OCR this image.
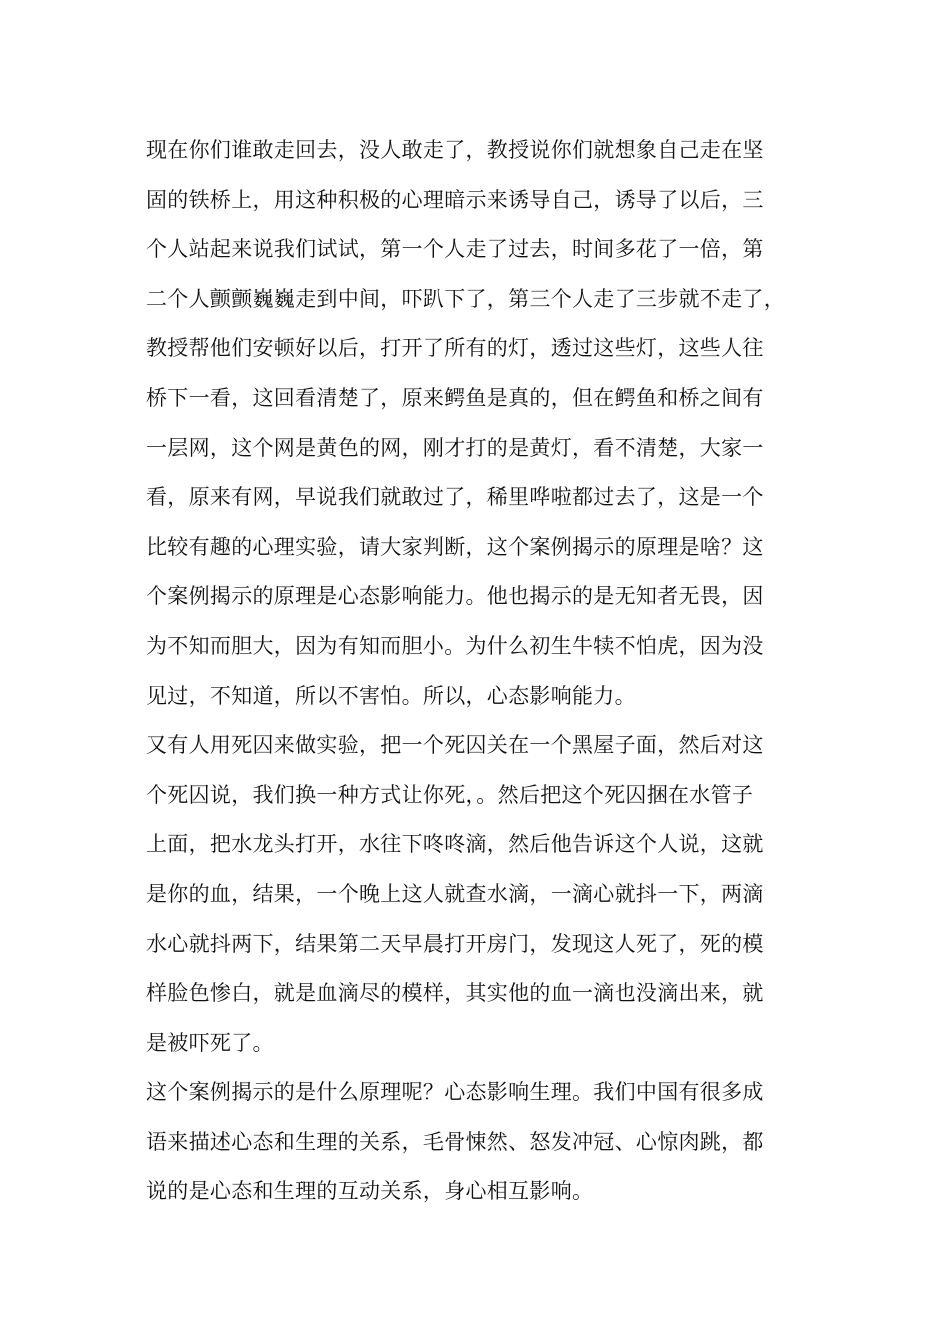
现在你们谁敢走回去，没人敢走了，教授说你们就想象自己走在坚
固的铁桥上，用这种积极的心理暗示来诱导自己，诱导了以后，三
个人站起来说我们试试，第一个人走了过去，时间多花了一倍，第
二个人颤颤巍巍走到中间，吓趴下了，第三个人走了三步就不走了，
教授帮他们安顿好以后，打开了所有的灯，透过这些灯，这些人往
桥下一看，这回看清楚了，原来鳄鱼是真的，但在鳄鱼和桥之间有
一层网，这个网是黄色的网，刚才打的是黄灯，看不清楚，大家一
看，原来有网，早说我们就敢过了，稀里哗啦都过去了，这是一个
比较有趣的心理实验，请大家判断，这个案例揭示的原理是啥？这
个案例揭示的原理是心态影响能力。他也揭示的是无知者无畏，因
为不知而胆大，因为有知而胆小。为什么初生牛犊不怕虎，因为没
见过，不知道，所以不害怕。所以，心态影响能力。
又有人用死囚来做实验，把一个死囚关在一个黑屋子面，然后对这
个死囚说，我们换一种方式让你死，。然后把这个死囚捆在水管子
上面，把水龙头打开，水往下咚咚滴，然后他告诉这个人说，这就
是你的血，结果，一个晚上这人就查水滴，一滴心就抖一下，两滴
水心就抖两下，结果第二天早晨打开房门，发现这人死了，死的模
样脸色惨白，就是血滴尽的模样，其实他的血一滴也没滴出来，就
是被吓死了。
这个案例揭示的是什么原理呢？心态影响生理。我们中国有很多成
语来描述心态和生理的关系，毛骨悚然、怒发冲冠、心惊肉跳，都
说的是心态和生理的互动关系，身心相互影响。
